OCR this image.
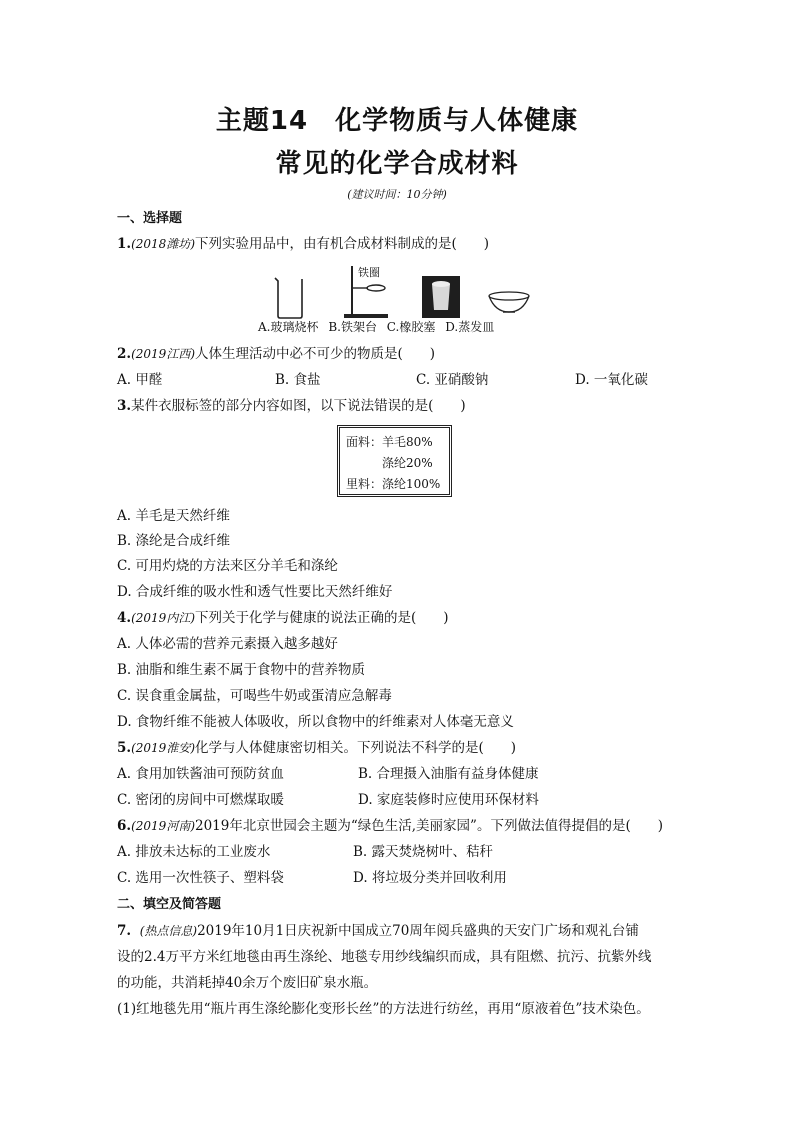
主题14　化学物质与人体健康
常见的化学合成材料
(建议时间：10分钟)
一、选择题
1.(2018潍坊)下列实验用品中，由有机合成材料制成的是(　　)
铁圈
A.玻璃烧杯 B.铁架台 C.橡胶塞 D.蒸发皿
2.(2019江西)人体生理活动中必不可少的物质是(　　)
A. 甲醛	B. 食盐	C. 亚硝酸钠	D. 一氧化碳
3.某件衣服标签的部分内容如图，以下说法错误的是(　　)
面料：羊毛80%
　　　涤纶20%
里料：涤纶100%
A. 羊毛是天然纤维
B. 涤纶是合成纤维
C. 可用灼烧的方法来区分羊毛和涤纶
D. 合成纤维的吸水性和透气性要比天然纤维好
4.(2019内江)下列关于化学与健康的说法正确的是(　　)
A. 人体必需的营养元素摄入越多越好
B. 油脂和维生素不属于食物中的营养物质
C. 误食重金属盐，可喝些牛奶或蛋清应急解毒
D. 食物纤维不能被人体吸收，所以食物中的纤维素对人体毫无意义
5.(2019淮安)化学与人体健康密切相关。下列说法不科学的是(　　)
A. 食用加铁酱油可预防贫血	B. 合理摄入油脂有益身体健康
C. 密闭的房间中可燃煤取暖	D. 家庭装修时应使用环保材料
6.(2019河南)2019年北京世园会主题为“绿色生活,美丽家园”。下列做法值得提倡的是(　　)
A. 排放未达标的工业废水	B. 露天焚烧树叶、秸秆
C. 选用一次性筷子、塑料袋	D. 将垃圾分类并回收利用
二、填空及简答题
7. (热点信息)2019年10月1日庆祝新中国成立70周年阅兵盛典的天安门广场和观礼台铺
设的2.4万平方米红地毯由再生涤纶、地毯专用纱线编织而成，具有阻燃、抗污、抗紫外线
的功能，共消耗掉40余万个废旧矿泉水瓶。
(1)红地毯先用“瓶片再生涤纶膨化变形长丝”的方法进行纺丝，再用“原液着色”技术染色。
